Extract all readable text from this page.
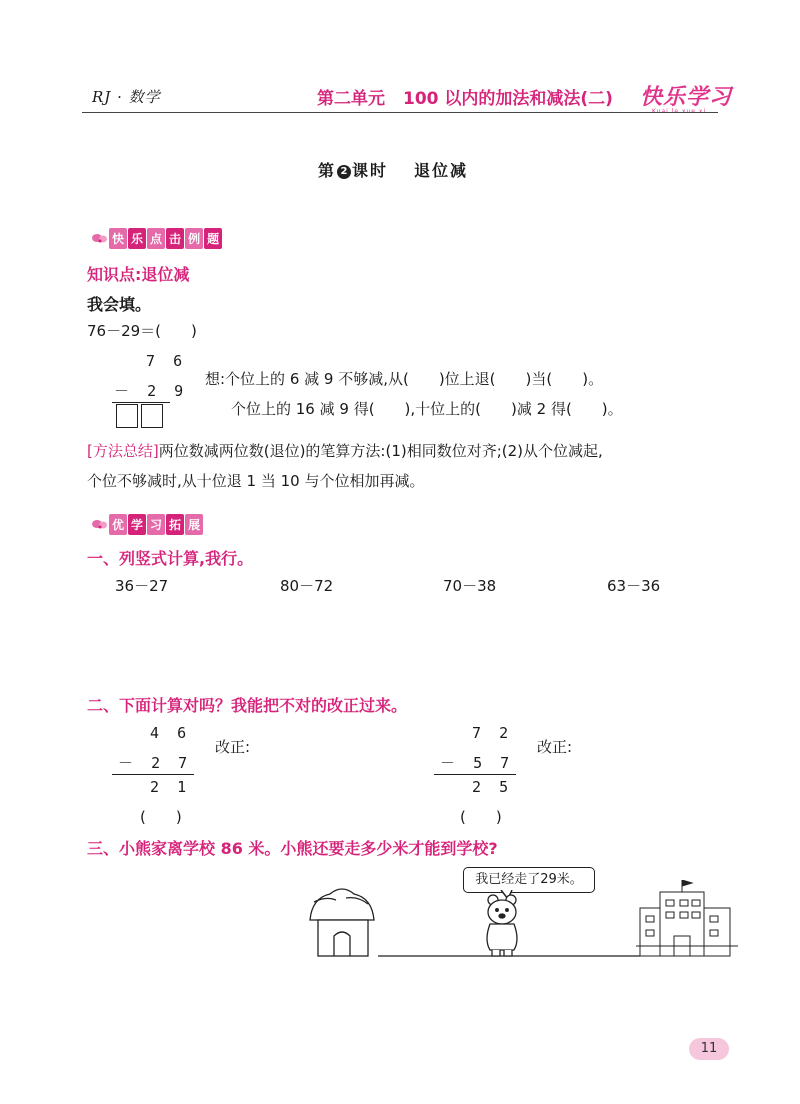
RJ · 数学	第二单元 100 以内的加法和减法(二) 快乐学习
第 2 课时 退位减
快 乐 点 击 例 题
知识点:退位减
我会填。
76－29＝(　　)
7 6
－ 2 9
想:个位上的 6 减 9 不够减,从(　　)位上退(　　)当(　　)。
个位上的 16 减 9 得(　　),十位上的(　　)减 2 得(　　)。
[方法总结]两位数减两位数(退位)的笔算方法:(1)相同数位对齐;(2)从个位减起,
个位不够减时,从十位退 1 当 10 与个位相加再减。
优 学 习 拓 展
一、列竖式计算,我行。
36－27	80－72	70－38	63－36
二、下面计算对吗？我能把不对的改正过来。
4 6
－ 2 7
2 1
(　　)
改正:
7 2
－ 5 7
2 5
(　　)
改正:
三、小熊家离学校 86 米。小熊还要走多少米才能到学校?
我已经走了29米。
11
